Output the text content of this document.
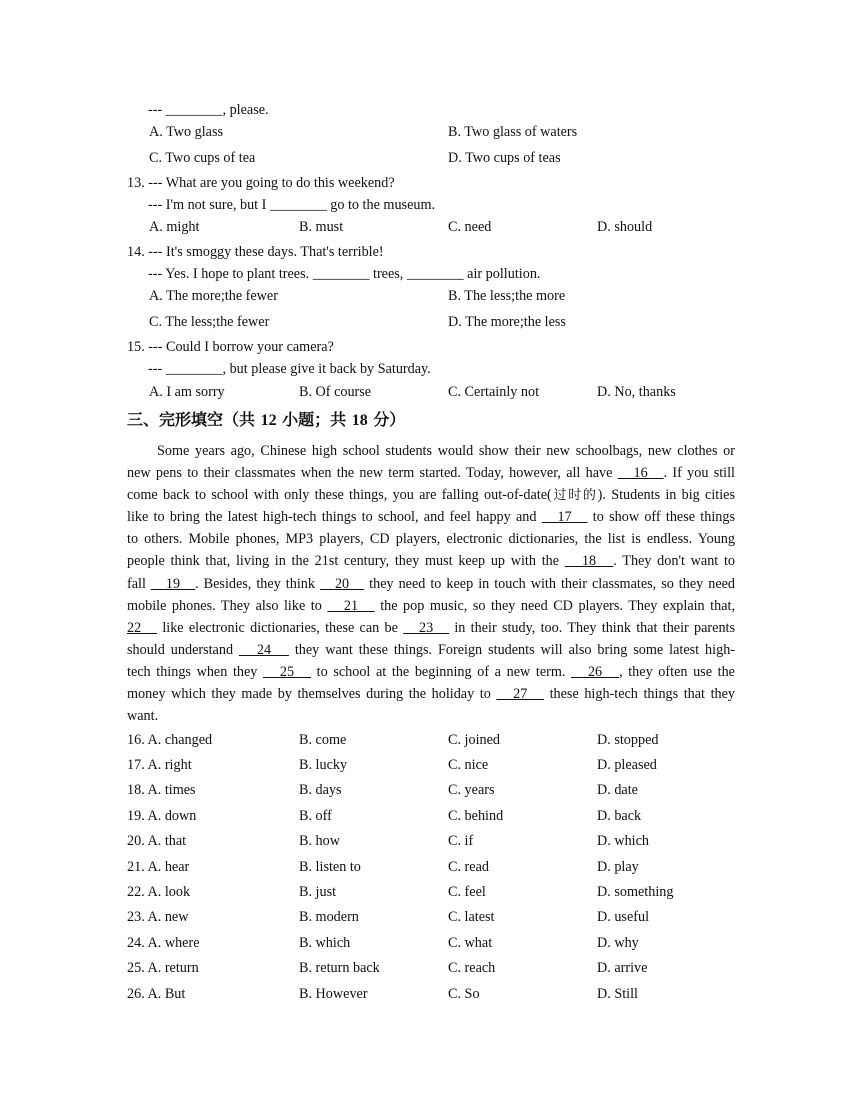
--- ________, please.
A. Two glass	B. Two glass of waters
C. Two cups of tea	D. Two cups of teas
13. --- What are you going to do this weekend?
--- I'm not sure, but I ________ go to the museum.
A. might	B. must	C. need	D. should
14. --- It's smoggy these days. That's terrible!
--- Yes. I hope to plant trees. ________ trees, ________ air pollution.
A. The more;the fewer	B. The less;the more
C. The less;the fewer	D. The more;the less
15. --- Could I borrow your camera?
--- ________, but please give it back by Saturday.
A. I am sorry	B. Of course	C. Certainly not	D. No, thanks
三、完形填空（共 12 小题；共 18 分）
Some years ago, Chinese high school students would show their new schoolbags, new clothes or
new pens to their classmates when the new term started. Today, however, all have    16   . If you still
come back to school with only these things, you are falling out-of-date(过时的). Students in big cities
like to bring the latest high-tech things to school, and feel happy and    17    to show off these things
to others. Mobile phones, MP3 players, CD players, electronic dictionaries, the list is endless. Young
people think that, living in the 21st century, they must keep up with the    18   . They don't want to
fall    19   . Besides, they think    20    they need to keep in touch with their classmates, so they need
mobile phones. They also like to    21    the pop music, so they need CD players. They explain that,
22    like electronic dictionaries, these can be    23    in their study, too. They think that their parents
should understand    24    they want these things. Foreign students will also bring some latest high-
tech things when they    25    to school at the beginning of a new term.    26   , they often use the
money which they made by themselves during the holiday to    27    these high-tech things that they
want.
16. A. changed	B. come	C. joined	D. stopped
17. A. right	B. lucky	C. nice	D. pleased
18. A. times	B. days	C. years	D. date
19. A. down	B. off	C. behind	D. back
20. A. that	B. how	C. if	D. which
21. A. hear	B. listen to	C. read	D. play
22. A. look	B. just	C. feel	D. something
23. A. new	B. modern	C. latest	D. useful
24. A. where	B. which	C. what	D. why
25. A. return	B. return back	C. reach	D. arrive
26. A. But	B. However	C. So	D. Still
